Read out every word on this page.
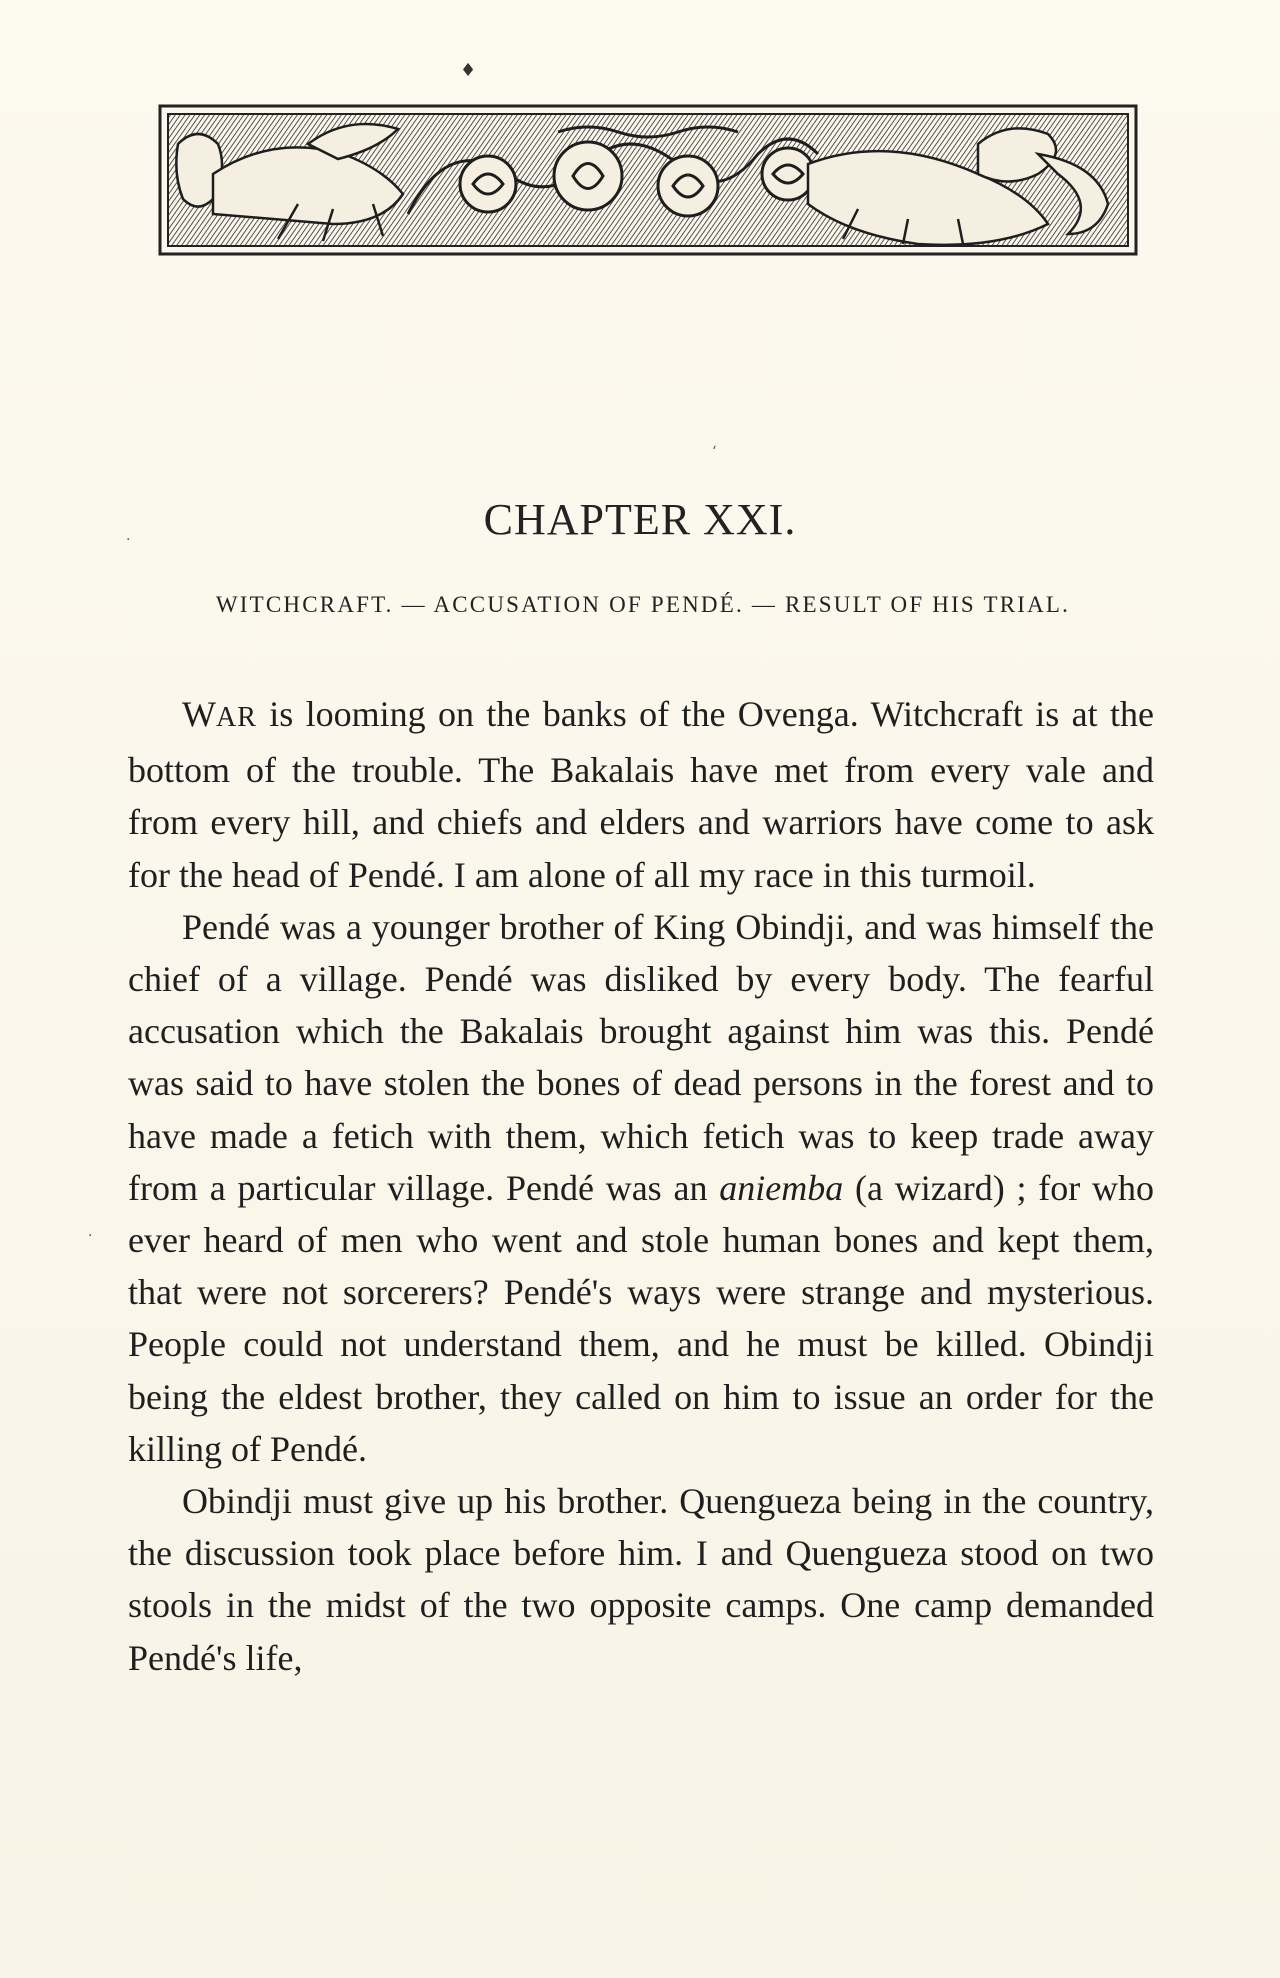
♦
‘
.
·
CHAPTER XXI.
WITCHCRAFT. — ACCUSATION OF PENDÉ. — RESULT OF HIS TRIAL.

WAR is looming on the banks of the Ovenga. Witchcraft is at the bottom of the trouble. The Bakalais have met from every vale and from every hill, and chiefs and elders and warriors have come to ask for the head of Pendé. I am alone of all my race in this turmoil.

Pendé was a younger brother of King Obindji, and was himself the chief of a village. Pendé was disliked by every body. The fearful accusation which the Bakalais brought against him was this. Pendé was said to have stolen the bones of dead persons in the forest and to have made a fetich with them, which fetich was to keep trade away from a particular village. Pendé was an aniemba (a wizard) ; for who ever heard of men who went and stole human bones and kept them, that were not sorcerers? Pendé's ways were strange and mysterious. People could not understand them, and he must be killed. Obindji being the eldest brother, they called on him to issue an order for the killing of Pendé.

Obindji must give up his brother. Quengueza being in the country, the discussion took place before him. I and Quengueza stood on two stools in the midst of the two opposite camps. One camp demanded Pendé's life,
